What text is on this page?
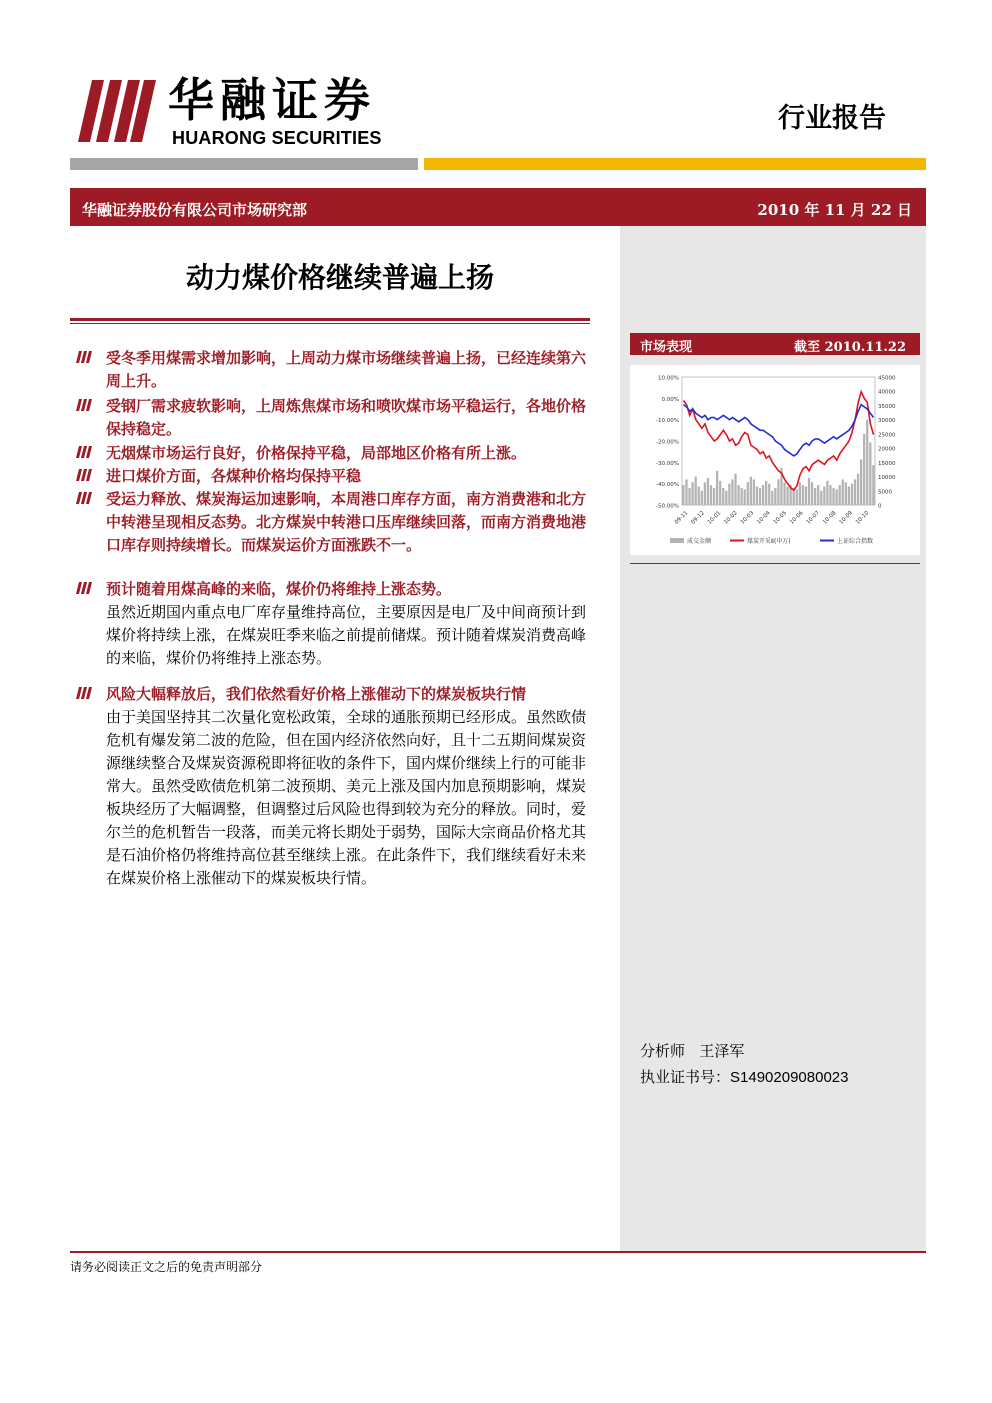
华融证券
HUARONG SECURITIES
行业报告
华融证券股份有限公司市场研究部	2010 年 11 月 22 日
动力煤价格继续普遍上扬
受冬季用煤需求增加影响，上周动力煤市场继续普遍上扬，已经连续第六周上升。
受钢厂需求疲软影响，上周炼焦煤市场和喷吹煤市场平稳运行，各地价格保持稳定。
无烟煤市场运行良好，价格保持平稳，局部地区价格有所上涨。
进口煤价方面，各煤种价格均保持平稳
受运力释放、煤炭海运加速影响，本周港口库存方面，南方消费港和北方中转港呈现相反态势。北方煤炭中转港口压库继续回落，而南方消费地港口库存则持续增长。而煤炭运价方面涨跌不一。
预计随着用煤高峰的来临，煤价仍将维持上涨态势。
虽然近期国内重点电厂库存量维持高位，主要原因是电厂及中间商预计到煤价将持续上涨，在煤炭旺季来临之前提前储煤。预计随着煤炭消费高峰的来临，煤价仍将维持上涨态势。
风险大幅释放后，我们依然看好价格上涨催动下的煤炭板块行情
由于美国坚持其二次量化宽松政策，全球的通胀预期已经形成。虽然欧债危机有爆发第二波的危险，但在国内经济依然向好，且十二五期间煤炭资源继续整合及煤炭资源税即将征收的条件下，国内煤价继续上行的可能非常大。虽然受欧债危机第二波预期、美元上涨及国内加息预期影响，煤炭板块经历了大幅调整，但调整过后风险也得到较为充分的释放。同时，爱尔兰的危机暂告一段落，而美元将长期处于弱势，国际大宗商品价格尤其是石油价格仍将维持高位甚至继续上涨。在此条件下，我们继续看好未来在煤炭价格上涨催动下的煤炭板块行情。
市场表现	截至 2010.11.22
10.00%
0.00%
-10.00%
-20.00%
-30.00%
-40.00%
-50.00%
45000
40000
35000
30000
25000
20000
15000
10000
5000
0
09-11 09-12 10-01 10-02 10-03 10-04 10-05 10-06 10-07 10-08 10-09 10-10
成交金额	煤炭开采Ⅱ(申万)	上证综合指数
分析师 王泽军
执业证书号：S1490209080023
请务必阅读正文之后的免责声明部分
